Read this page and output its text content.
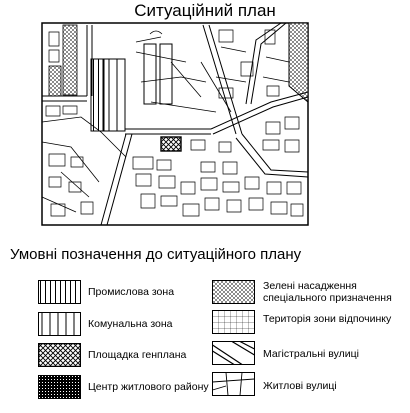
Ситуаційний план
Умовні позначення до ситуаційного плану
Промислова зона
Комунальна зона
Площадка генплана
Центр житлового району
Зелені насадження
спеціального призначення
Територія зони відпочинку
Магістральні вулиці
Житлові вулиці
